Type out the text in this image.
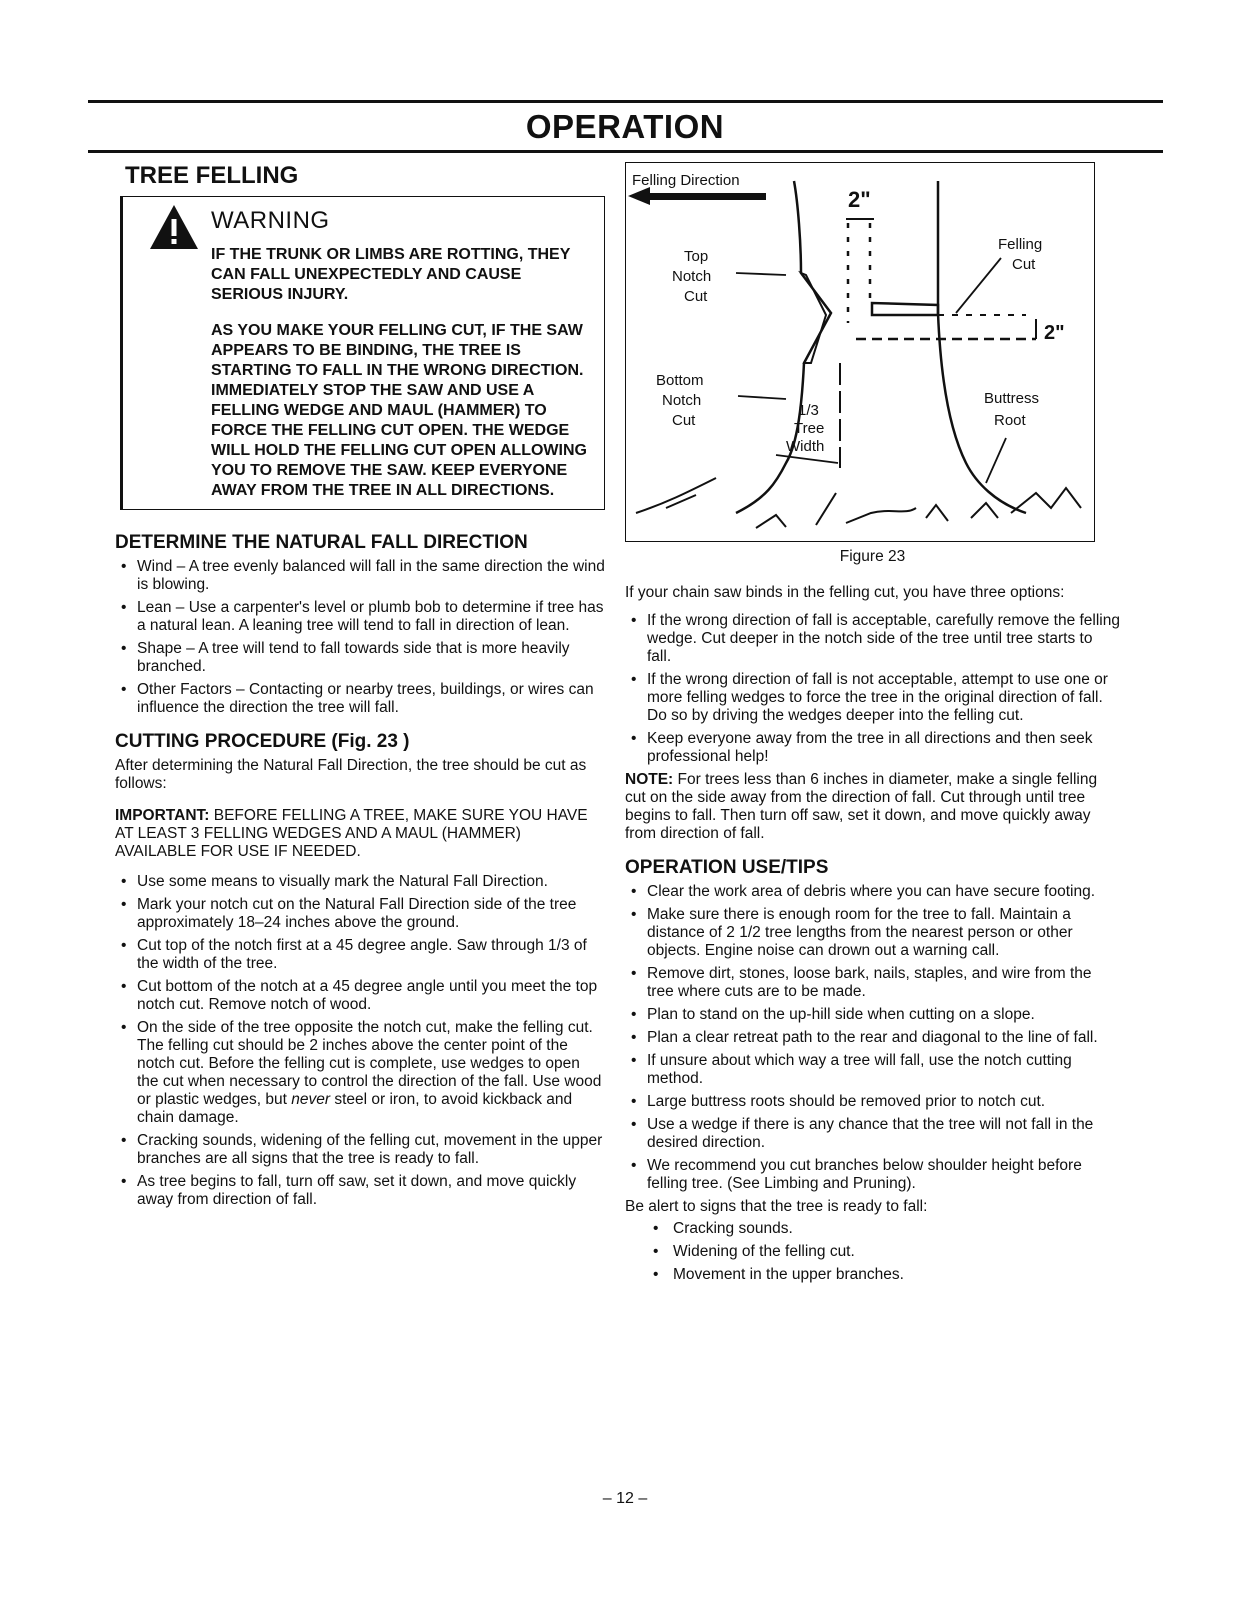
OPERATION
TREE FELLING
WARNING

IF THE TRUNK OR LIMBS ARE ROTTING, THEY CAN FALL UNEXPECTEDLY AND CAUSE SERIOUS INJURY.

AS YOU MAKE YOUR FELLING CUT, IF THE SAW APPEARS TO BE BINDING, THE TREE IS STARTING TO FALL IN THE WRONG DIRECTION. IMMEDIATELY STOP THE SAW AND USE A FELLING WEDGE AND MAUL (HAMMER) TO FORCE THE FELLING CUT OPEN. THE WEDGE WILL HOLD THE FELLING CUT OPEN ALLOWING YOU TO REMOVE THE SAW. KEEP EVERYONE AWAY FROM THE TREE IN ALL DIRECTIONS.

DETERMINE THE NATURAL FALL DIRECTION
• Wind – A tree evenly balanced will fall in the same direction the wind is blowing.
• Lean – Use a carpenter's level or plumb bob to determine if tree has a natural lean. A leaning tree will tend to fall in direction of lean.
• Shape – A tree will tend to fall towards side that is more heavily branched.
• Other Factors – Contacting or nearby trees, buildings, or wires can influence the direction the tree will fall.
CUTTING PROCEDURE (Fig. 23 )

After determining the Natural Fall Direction, the tree should be cut as follows:

IMPORTANT: BEFORE FELLING A TREE, MAKE SURE YOU HAVE AT LEAST 3 FELLING WEDGES AND A MAUL (HAMMER) AVAILABLE FOR USE IF NEEDED.
• Use some means to visually mark the Natural Fall Direction.
• Mark your notch cut on the Natural Fall Direction side of the tree approximately 18–24 inches above the ground.
• Cut top of the notch first at a 45 degree angle. Saw through 1/3 of the width of the tree.
• Cut bottom of the notch at a 45 degree angle until you meet the top notch cut. Remove notch of wood.
• On the side of the tree opposite the notch cut, make the felling cut. The felling cut should be 2 inches above the center point of the notch cut. Before the felling cut is complete, use wedges to open the cut when necessary to control the direction of the fall. Use wood or plastic wedges, but never steel or iron, to avoid kickback and chain damage.
• Cracking sounds, widening of the felling cut, movement in the upper branches are all signs that the tree is ready to fall.
• As tree begins to fall, turn off saw, set it down, and move quickly away from direction of fall.
Felling Direction
2"
2"
Top
Notch
Cut
Bottom
Notch
Cut
1/3
Tree
Width
Felling
Cut
Buttress
Root
Figure 23

If your chain saw binds in the felling cut, you have three options:

• If the wrong direction of fall is acceptable, carefully remove the felling wedge. Cut deeper in the notch side of the tree until tree starts to fall.
• If the wrong direction of fall is not acceptable, attempt to use one or more felling wedges to force the tree in the original direction of fall. Do so by driving the wedges deeper into the felling cut.
• Keep everyone away from the tree in all directions and then seek professional help!

NOTE: For trees less than 6 inches in diameter, make a single felling cut on the side away from the direction of fall. Cut through until tree begins to fall. Then turn off saw, set it down, and move quickly away from direction of fall.

OPERATION USE/TIPS
• Clear the work area of debris where you can have secure footing.
• Make sure there is enough room for the tree to fall. Maintain a distance of 2 1/2 tree lengths from the nearest person or other objects. Engine noise can drown out a warning call.
• Remove dirt, stones, loose bark, nails, staples, and wire from the tree where cuts are to be made.
• Plan to stand on the up-hill side when cutting on a slope.
• Plan a clear retreat path to the rear and diagonal to the line of fall.
• If unsure about which way a tree will fall, use the notch cutting method.
• Large buttress roots should be removed prior to notch cut.
• Use a wedge if there is any chance that the tree will not fall in the desired direction.
• We recommend you cut branches below shoulder height before felling tree. (See Limbing and Pruning).

Be alert to signs that the tree is ready to fall:

• Cracking sounds.
• Widening of the felling cut.
• Movement in the upper branches.
– 12 –
